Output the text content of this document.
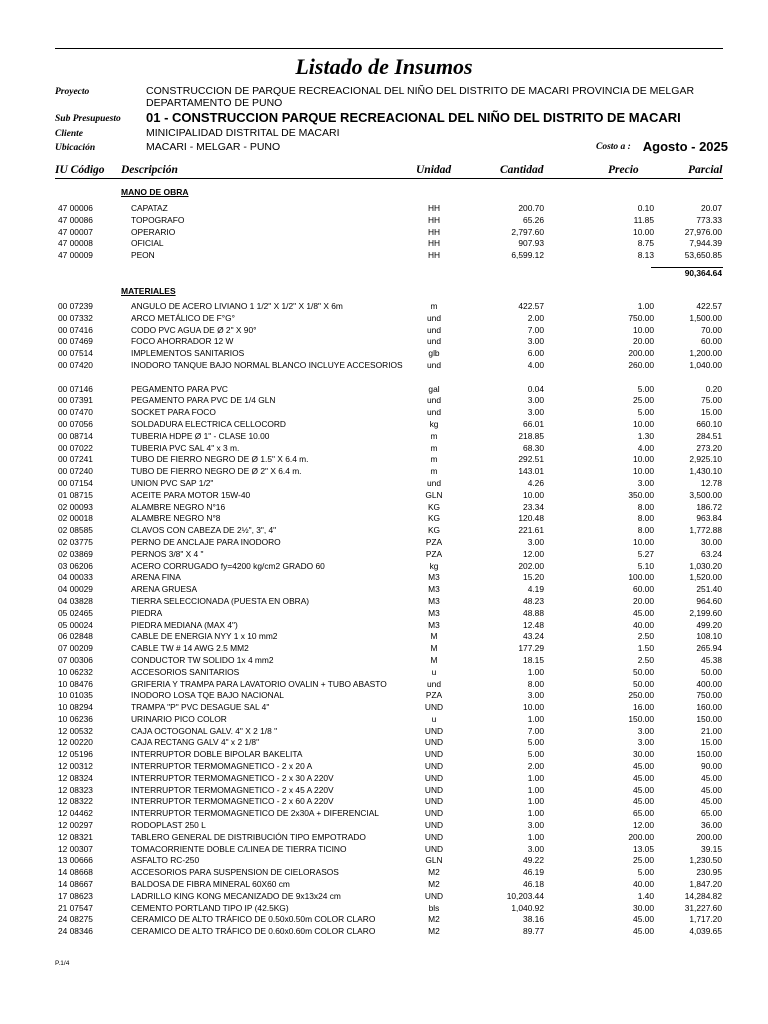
Listado de Insumos
Proyecto	CONSTRUCCION DE PARQUE RECREACIONAL DEL NIÑO DEL DISTRITO DE MACARI PROVINCIA DE MELGAR
DEPARTAMENTO DE PUNO
Sub Presupuesto 01 - CONSTRUCCION PARQUE RECREACIONAL DEL NIÑO DEL DISTRITO DE MACARI
Cliente	MINICIPALIDAD DISTRITAL DE MACARI
Ubicación	MACARI - MELGAR - PUNO	Costo a : Agosto - 2025
IU Código Descripción	Unidad	Cantidad	Precio	Parcial
MANO DE OBRA
47 00006	CAPATAZ	HH	200.70	0.10	20.07
47 00086	TOPOGRAFO	HH	65.26	11.85	773.33
47 00007	OPERARIO	HH	2,797.60	10.00	27,976.00
47 00008	OFICIAL	HH	907.93	8.75	7,944.39
47 00009	PEON	HH	6,599.12	8.13	53,650.85
90,364.64
MATERIALES
00 07239	ANGULO DE ACERO LIVIANO 1 1/2" X 1/2" X 1/8" X 6m	m	422.57	1.00	422.57
00 07332	ARCO METÁLICO DE F°G°	und	2.00	750.00	1,500.00
00 07416	CODO PVC AGUA DE Ø 2" X 90°	und	7.00	10.00	70.00
00 07469	FOCO AHORRADOR 12 W	und	3.00	20.00	60.00
00 07514	IMPLEMENTOS SANITARIOS	glb	6.00	200.00	1,200.00
00 07420	INODORO TANQUE BAJO NORMAL BLANCO INCLUYE ACCESORIOS	und	4.00	260.00	1,040.00
00 07146	PEGAMENTO PARA PVC	gal	0.04	5.00	0.20
00 07391	PEGAMENTO PARA PVC DE 1/4 GLN	und	3.00	25.00	75.00
00 07470	SOCKET PARA FOCO	und	3.00	5.00	15.00
00 07056	SOLDADURA ELECTRICA CELLOCORD	kg	66.01	10.00	660.10
00 08714	TUBERIA HDPE Ø 1" - CLASE 10.00	m	218.85	1.30	284.51
00 07022	TUBERIA PVC SAL 4" x 3 m.	m	68.30	4.00	273.20
00 07241	TUBO DE FIERRO NEGRO DE Ø 1.5" X 6.4 m.	m	292.51	10.00	2,925.10
00 07240	TUBO DE FIERRO NEGRO DE Ø 2" X 6.4 m.	m	143.01	10.00	1,430.10
00 07154	UNION PVC SAP 1/2"	und	4.26	3.00	12.78
01 08715	ACEITE PARA MOTOR 15W-40	GLN	10.00	350.00	3,500.00
02 00093	ALAMBRE NEGRO N°16	KG	23.34	8.00	186.72
02 00018	ALAMBRE NEGRO N°8	KG	120.48	8.00	963.84
02 08585	CLAVOS CON CABEZA DE 2½", 3", 4"	KG	221.61	8.00	1,772.88
02 03775	PERNO DE ANCLAJE PARA INODORO	PZA	3.00	10.00	30.00
02 03869	PERNOS 3/8" X 4 "	PZA	12.00	5.27	63.24
03 06206	ACERO CORRUGADO fy=4200 kg/cm2 GRADO 60	kg	202.00	5.10	1,030.20
04 00033	ARENA FINA	M3	15.20	100.00	1,520.00
04 00029	ARENA GRUESA	M3	4.19	60.00	251.40
04 03828	TIERRA SELECCIONADA (PUESTA EN OBRA)	M3	48.23	20.00	964.60
05 02465	PIEDRA	M3	48.88	45.00	2,199.60
05 00024	PIEDRA MEDIANA (MAX 4")	M3	12.48	40.00	499.20
06 02848	CABLE DE ENERGIA NYY 1 x 10 mm2	M	43.24	2.50	108.10
07 00209	CABLE TW # 14 AWG 2.5 MM2	M	177.29	1.50	265.94
07 00306	CONDUCTOR TW SOLIDO 1x 4 mm2	M	18.15	2.50	45.38
10 06232	ACCESORIOS SANITARIOS	u	1.00	50.00	50.00
10 08476	GRIFERIA Y TRAMPA PARA LAVATORIO OVALIN + TUBO ABASTO	und	8.00	50.00	400.00
10 01035	INODORO LOSA TQE BAJO NACIONAL	PZA	3.00	250.00	750.00
10 08294	TRAMPA "P" PVC DESAGUE SAL 4"	UND	10.00	16.00	160.00
10 06236	URINARIO PICO COLOR	u	1.00	150.00	150.00
12 00532	CAJA OCTOGONAL GALV. 4" X 2 1/8 "	UND	7.00	3.00	21.00
12 00220	CAJA RECTANG GALV 4" x 2 1/8"	UND	5.00	3.00	15.00
12 05196	INTERRUPTOR DOBLE BIPOLAR BAKELITA	UND	5.00	30.00	150.00
12 00312	INTERRUPTOR TERMOMAGNETICO - 2 x 20 A	UND	2.00	45.00	90.00
12 08324	INTERRUPTOR TERMOMAGNETICO - 2 x 30 A 220V	UND	1.00	45.00	45.00
12 08323	INTERRUPTOR TERMOMAGNETICO - 2 x 45 A 220V	UND	1.00	45.00	45.00
12 08322	INTERRUPTOR TERMOMAGNETICO - 2 x 60 A 220V	UND	1.00	45.00	45.00
12 04462	INTERRUPTOR TERMOMAGNETICO DE 2x30A + DIFERENCIAL	UND	1.00	65.00	65.00
12 00297	RODOPLAST 250 L	UND	3.00	12.00	36.00
12 08321	TABLERO GENERAL DE DISTRIBUCIÓN TIPO EMPOTRADO	UND	1.00	200.00	200.00
12 00307	TOMACORRIENTE DOBLE C/LINEA DE TIERRA TICINO	UND	3.00	13.05	39.15
13 00666	ASFALTO RC-250	GLN	49.22	25.00	1,230.50
14 08668	ACCESORIOS PARA SUSPENSION DE CIELORASOS	M2	46.19	5.00	230.95
14 08667	BALDOSA DE FIBRA MINERAL 60X60 cm	M2	46.18	40.00	1,847.20
17 08623	LADRILLO KING KONG MECANIZADO DE 9x13x24 cm	UND	10,203.44	1.40	14,284.82
21 07547	CEMENTO PORTLAND TIPO IP (42.5KG)	bls	1,040.92	30.00	31,227.60
24 08275	CERAMICO DE ALTO TRÁFICO DE 0.50x0.50m COLOR CLARO	M2	38.16	45.00	1,717.20
24 08346	CERAMICO DE ALTO TRÁFICO DE 0.60x0.60m COLOR CLARO	M2	89.77	45.00	4,039.65
P.1/4
